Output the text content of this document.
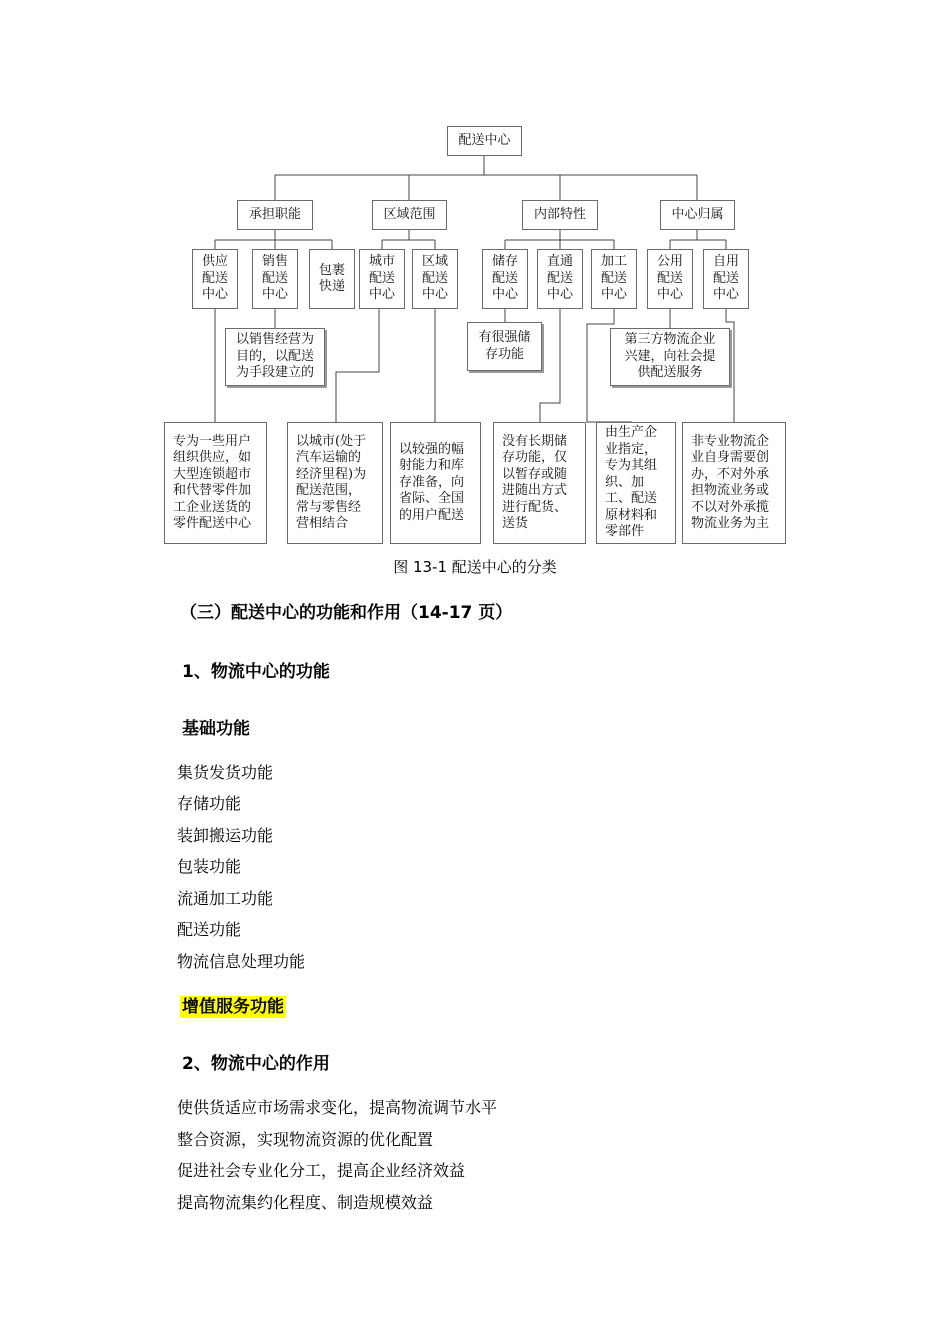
配送中心
承担职能	区域范围	内部特性	中心归属
供应
配送
中心
销售
配送
中心
包裹
快递
城市
配送
中心
区域
配送
中心
储存
配送
中心
直通
配送
中心
加工
配送
中心
公用
配送
中心
自用
配送
中心
以销售经营为
目的，以配送
为手段建立的
有很强储
存功能
第三方物流企业
兴建，向社会提
供配送服务
专为一些用户
组织供应，如
大型连锁超市
和代替零件加
工企业送货的
零件配送中心
以城市(处于
汽车运输的
经济里程)为
配送范围，
常与零售经
营相结合
以较强的幅
射能力和库
存准备，向
省际、全国
的用户配送
没有长期储
存功能，仅
以暂存或随
进随出方式
进行配货、
送货
由生产企
业指定，
专为其组
织、加
工、配送
原材料和
零部件
非专业物流企
业自身需要创
办，不对外承
担物流业务或
不以对外承揽
物流业务为主
图 13-1 配送中心的分类
（三）配送中心的功能和作用（14-17 页）
1、物流中心的功能
基础功能
集货发货功能
存储功能
装卸搬运功能
包装功能
流通加工功能
配送功能
物流信息处理功能
增值服务功能
2、物流中心的作用
使供货适应市场需求变化，提高物流调节水平
整合资源，实现物流资源的优化配置
促进社会专业化分工，提高企业经济效益
提高物流集约化程度、制造规模效益
